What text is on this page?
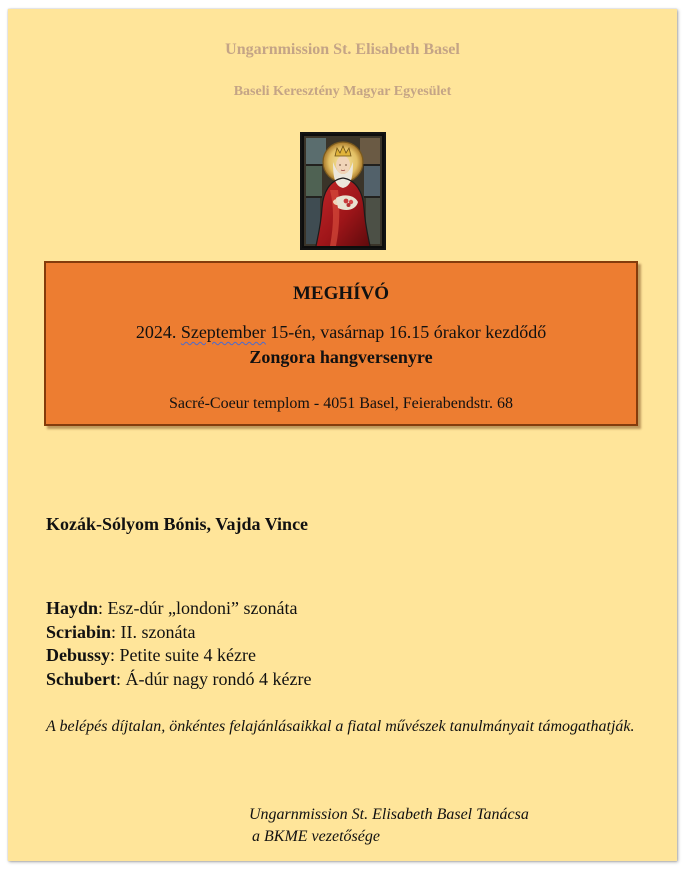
Ungarnmission St. Elisabeth Basel
Baseli Keresztény Magyar Egyesület
MEGHÍVÓ
2024. Szeptember 15-én, vasárnap 16.15 órakor kezdődő
Zongora hangversenyre
Sacré-Coeur templom - 4051 Basel, Feierabendstr. 68
Kozák-Sólyom Bónis, Vajda Vince
Haydn: Esz-dúr „londoni” szonáta
Scriabin: II. szonáta
Debussy: Petite suite 4 kézre
Schubert: Á-dúr nagy rondó 4 kézre
A belépés díjtalan, önkéntes felajánlásaikkal a fiatal művészek tanulmányait támogathatják.
Ungarnmission St. Elisabeth Basel Tanácsa
a BKME vezetősége
